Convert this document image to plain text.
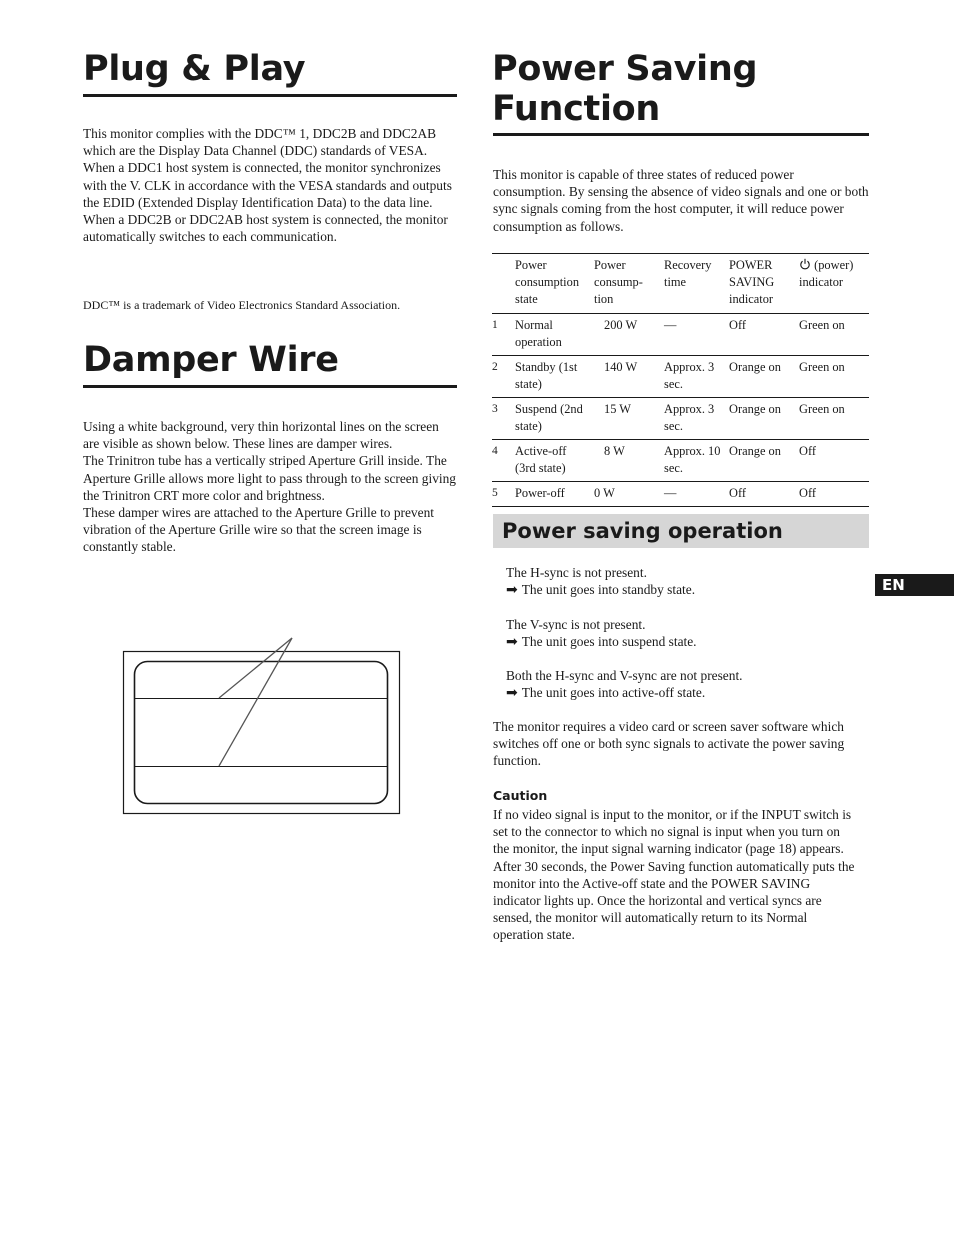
Plug & Play

This monitor complies with the DDC™ 1, DDC2B and DDC2AB which are the Display Data Channel (DDC) standards of VESA.

When a DDC1 host system is connected, the monitor synchronizes with the V. CLK in accordance with the VESA standards and outputs the EDID (Extended Display Identification Data) to the data line.

When a DDC2B or DDC2AB host system is connected, the monitor automatically switches to each communication.

DDC™ is a trademark of Video Electronics Standard Association.
Damper Wire

Using a white background, very thin horizontal lines on the screen are visible as shown below. These lines are damper wires.

The Trinitron tube has a vertically striped Aperture Grill inside. The Aperture Grille allows more light to pass through to the screen giving the Trinitron CRT more color and brightness.

These damper wires are attached to the Aperture Grille to prevent vibration of the Aperture Grille wire so that the screen image is constantly stable.

Power Saving
Function
This monitor is capable of three states of reduced power consumption. By sensing the absence of video signals and one or both sync signals coming from the host computer, it will reduce power consumption as follows.
	Power consumption state	Power consump-tion	Recovery time	POWER SAVING indicator	(power) indicator
1	Normal operation	200 W	—	Off	Green on
2	Standby (1st state)	140 W	Approx. 3 sec.	Orange on	Green on
3	Suspend (2nd state)	15 W	Approx. 3 sec.	Orange on	Green on
4	Active-off (3rd state)	8 W	Approx. 10 sec.	Orange on	Off
5	Power-off	0 W	—	Off	Off
Power saving operation
EN
The H-sync is not present.
➡ The unit goes into standby state.
The V-sync is not present.
➡ The unit goes into suspend state.
Both the H-sync and V-sync are not present.
➡ The unit goes into active-off state.
The monitor requires a video card or screen saver software which switches off one or both sync signals to activate the power saving function.
Caution
If no video signal is input to the monitor, or if the INPUT switch is set to the connector to which no signal is input when you turn on the monitor, the input signal warning indicator (page 18) appears. After 30 seconds, the Power Saving function automatically puts the monitor into the Active-off state and the POWER SAVING indicator lights up. Once the horizontal and vertical syncs are sensed, the monitor will automatically return to its Normal operation state.
